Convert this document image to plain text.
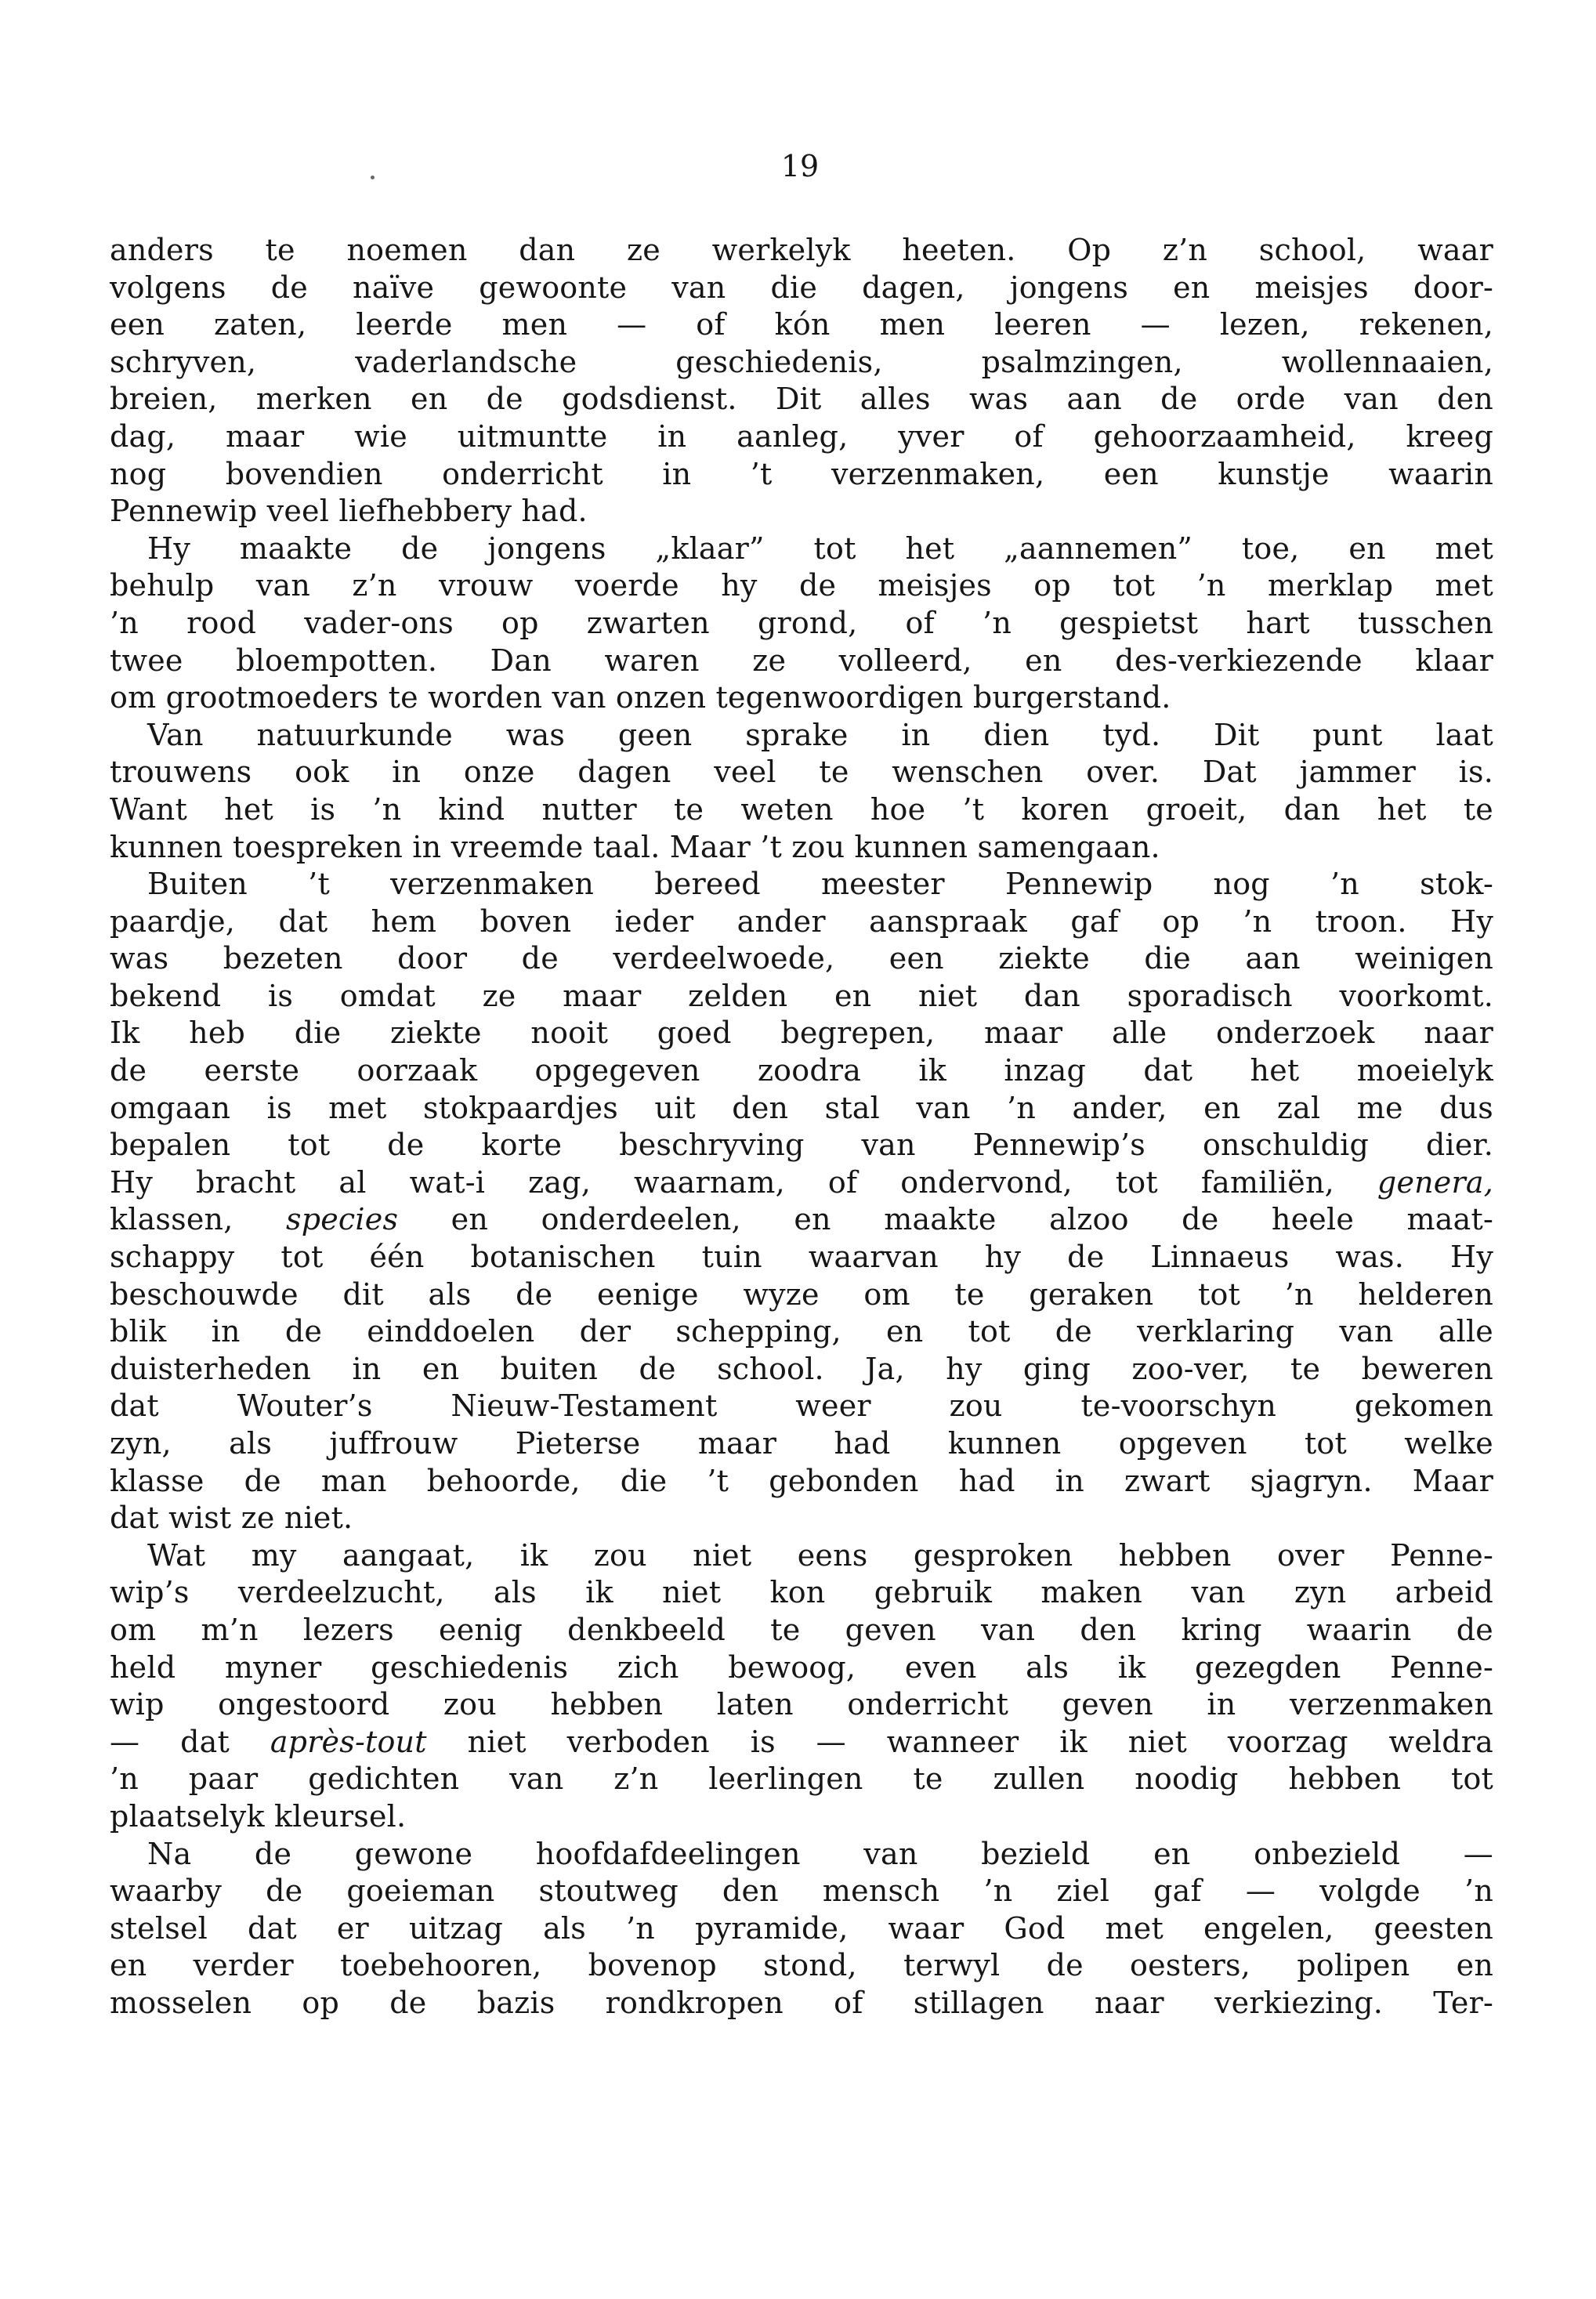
19
anders te noemen dan ze werkelyk heeten. Op z’n school, waar
volgens de naïve gewoonte van die dagen, jongens en meisjes door-
een zaten, leerde men — of kón men leeren — lezen, rekenen,
schryven, vaderlandsche geschiedenis, psalmzingen, wollennaaien,
breien, merken en de godsdienst. Dit alles was aan de orde van den
dag, maar wie uitmuntte in aanleg, yver of gehoorzaamheid, kreeg
nog bovendien onderricht in ’t verzenmaken, een kunstje waarin
Pennewip veel liefhebbery had.
Hy maakte de jongens „klaar” tot het „aannemen” toe, en met
behulp van z’n vrouw voerde hy de meisjes op tot ’n merklap met
’n rood vader-ons op zwarten grond, of ’n gespietst hart tusschen
twee bloempotten. Dan waren ze volleerd, en des-verkiezende klaar
om grootmoeders te worden van onzen tegenwoordigen burgerstand.
Van natuurkunde was geen sprake in dien tyd. Dit punt laat
trouwens ook in onze dagen veel te wenschen over. Dat jammer is.
Want het is ’n kind nutter te weten hoe ’t koren groeit, dan het te
kunnen toespreken in vreemde taal. Maar ’t zou kunnen samengaan.
Buiten ’t verzenmaken bereed meester Pennewip nog ’n stok-
paardje, dat hem boven ieder ander aanspraak gaf op ’n troon. Hy
was bezeten door de verdeelwoede, een ziekte die aan weinigen
bekend is omdat ze maar zelden en niet dan sporadisch voorkomt.
Ik heb die ziekte nooit goed begrepen, maar alle onderzoek naar
de eerste oorzaak opgegeven zoodra ik inzag dat het moeielyk
omgaan is met stokpaardjes uit den stal van ’n ander, en zal me dus
bepalen tot de korte beschryving van Pennewip’s onschuldig dier.
Hy bracht al wat-i zag, waarnam, of ondervond, tot familiën, genera,
klassen, species en onderdeelen, en maakte alzoo de heele maat-
schappy tot één botanischen tuin waarvan hy de Linnaeus was. Hy
beschouwde dit als de eenige wyze om te geraken tot ’n helderen
blik in de einddoelen der schepping, en tot de verklaring van alle
duisterheden in en buiten de school. Ja, hy ging zoo-ver, te beweren
dat Wouter’s Nieuw-Testament weer zou te-voorschyn gekomen
zyn, als juffrouw Pieterse maar had kunnen opgeven tot welke
klasse de man behoorde, die ’t gebonden had in zwart sjagryn. Maar
dat wist ze niet.
Wat my aangaat, ik zou niet eens gesproken hebben over Penne-
wip’s verdeelzucht, als ik niet kon gebruik maken van zyn arbeid
om m’n lezers eenig denkbeeld te geven van den kring waarin de
held myner geschiedenis zich bewoog, even als ik gezegden Penne-
wip ongestoord zou hebben laten onderricht geven in verzenmaken
— dat après-tout niet verboden is — wanneer ik niet voorzag weldra
’n paar gedichten van z’n leerlingen te zullen noodig hebben tot
plaatselyk kleursel.
Na de gewone hoofdafdeelingen van bezield en onbezield —
waarby de goeieman stoutweg den mensch ’n ziel gaf — volgde ’n
stelsel dat er uitzag als ’n pyramide, waar God met engelen, geesten
en verder toebehooren, bovenop stond, terwyl de oesters, polipen en
mosselen op de bazis rondkropen of stillagen naar verkiezing. Ter-
